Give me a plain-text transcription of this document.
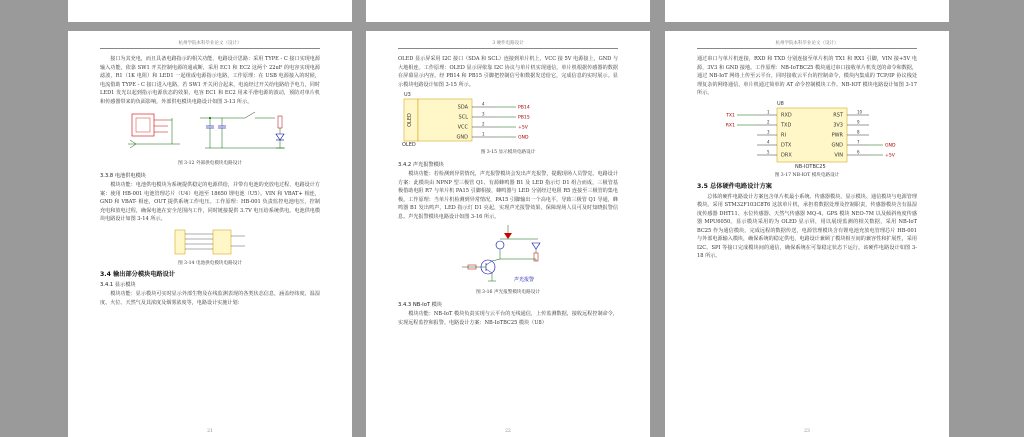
杭州学院本科毕业论文（设计）

接口为其充电，而且具备电路指示的相关功能，电路设计思路：采用 TYPE - C 接口实现电源输入功能，依靠 SW1 开关控制电源的通或断，采用 EC1 和 EC2 这两个 22uF 的电容实现电源滤波，R1（1K 电阻）和 LED1 一起组成电源指示电路，工作原理：在 USB 电源接入的时候，电流借助 TYPE - C 接口进入电路，若 SW1 开关闭合起来，电流经过开关给电路给予电力，同时 LED1 发光以起到指示电源状态的效果，电容 EC1 和 EC2 用来平滑电源的波动，预防对单片机和传感器带来的负面影响。外部供电模块电路设计如图 3-13 所示。

图 3-12 外部供电模块电路设计
3.3.8 电池供电模块

模块功能：电池供电模块为系统提供稳定的电源供给，并带有电池的充放电过程，电路设计方案：使用 HB-001 电池管理芯片（U4）电池至 18650 锂电池（U5）。VIN 和 VBAT+ 相连，GND 和 VBAT- 相连，OUT 提供系统工作电压。工作原理：HB-001 负责监控电池电压，控制充电和放电过程，确保电池在安全范围内工作，同时链接提供 3.7V 电压给系统供电。电池供电模块电路设计如图 3-14 所示。

图 3-14 电池供电模块电路设计
3.4 输出部分模块电路设计
3.4.1 显示模块

模块功能：显示模块可实时显示外部生物及在线监测表现的各类状态信息，涵盖经纬度、温湿度、火位、天然气及其浓度及烟雾浓度等，电路设计实施计划：

21
3 硬件电路设计

OLED 显示屏采用 I2C 接口（SDA 和 SCL）连接到单片机上，VCC 接 5V 电源接上，GND 与大地相连。工作原理：OLED 显示屏依靠 I2C 协议与单片机实现通信，单片机根据传感器的数据在屏幕显示内容。经 PB14 和 PB15 引脚把控制信号和数据发送给它，完成信息的实时展示。显示模块电路设计如图 3-15 所示。

U3
OLED
OLED
SDA
4
PB14
SCL
3
PB15
VCC
2
+5V
GND
1
GND
图 3-15 显示模块电路设计
3.4.2 声光报警模块

模块功能：若检测到异常情况，声光报警模块会发出声光报警，提醒现场人员警觉。电路设计方案：此模块由 NPNP 型三极管 Q1、有源蜂鸣器 B1 及 LED 指示灯 D1 组合而成，三极管基极借助电阻 R7 与单片机 PA15 引脚相接，蜂鸣器与 LED 分别经过电阻 R5 连接至三极管的集电极。工作原理：当单片机检测到异常情况，PA15 引脚输出一个高电平，导致三极管 Q1 导通，蜂鸣器 B1 发出鸣声，LED 指示灯 D1 亮起，实现声光报警效果，保障现场人员可及时知晓报警信息。声光报警模块电路设计如图 3-16 所示。

声光报警
图 3-16 声光报警模块电路设计
3.4.3 NB-IoT 模块

模块功能：NB-IoT 模块负责实现与云平台的无线通信，上传监测数据，接收远程控制命令，实现远程监控和报警。电路设计方案：NB-IoTBC25 模块（U8）

22
杭州学院本科毕业论文（设计）

通过串口与单片机连接，RXD 和 TXD 分别连接至单片机的 TX1 和 RX1 引脚，VIN 接+5V 电源，3V3 和 GND 接地。工作原理：NB-IoTBC25 模块通过串口接收单片机发送的命令和数据，通过 NB-IoT 网络上传至云平台，同时接收云平台的控制命令，模块内集成的 TCP/IP 协议栈处理复杂的网络通信，单片机通过简单的 AT 命令控制模块工作。NB-IOT 模块电路设计如图 3-17 所示。

U8
NB-IOTBC25
RXD
1
TXD
2
RI
3
DTX
4
DRX
5
RST
10
3V3
9
PWR
8
GND
7
VIN
6
TX1
RX1
GND
+5V
图 3-17 NB-IOT 模块电路设计
3.5 总体硬件电路设计方案

总体的硬件电路设计方案包含单片机最小系统、传感器模块、显示模块、通信模块与电源管理模块。采用 STM32F103C8T6 这款单片机，承担着数据处理及控制职责，传感器模块含有温湿度传感器 DHT11、水位传感器、天然气传感器 MQ-4、GPS 模块 NEO-7M 以及倾斜角度传感器 MPU6050。显示模块采用的为 OLED 显示屏，用以展现监测的相关数据，采用 NB-IoT BC25 作为通信模块，完成远程的数据传送，电源管理模块含有锂电池充放电管理芯片 HB-001 与外部电源输入模块，确保系统的稳定供电，电路设计兼顾了模块相互间的兼容性和扩展性，采用 I2C、SPI 等接口完成模块间的通信，确保系统在可靠稳定状态下运行。该硬件电路设计如图 3-18 所示。

23
